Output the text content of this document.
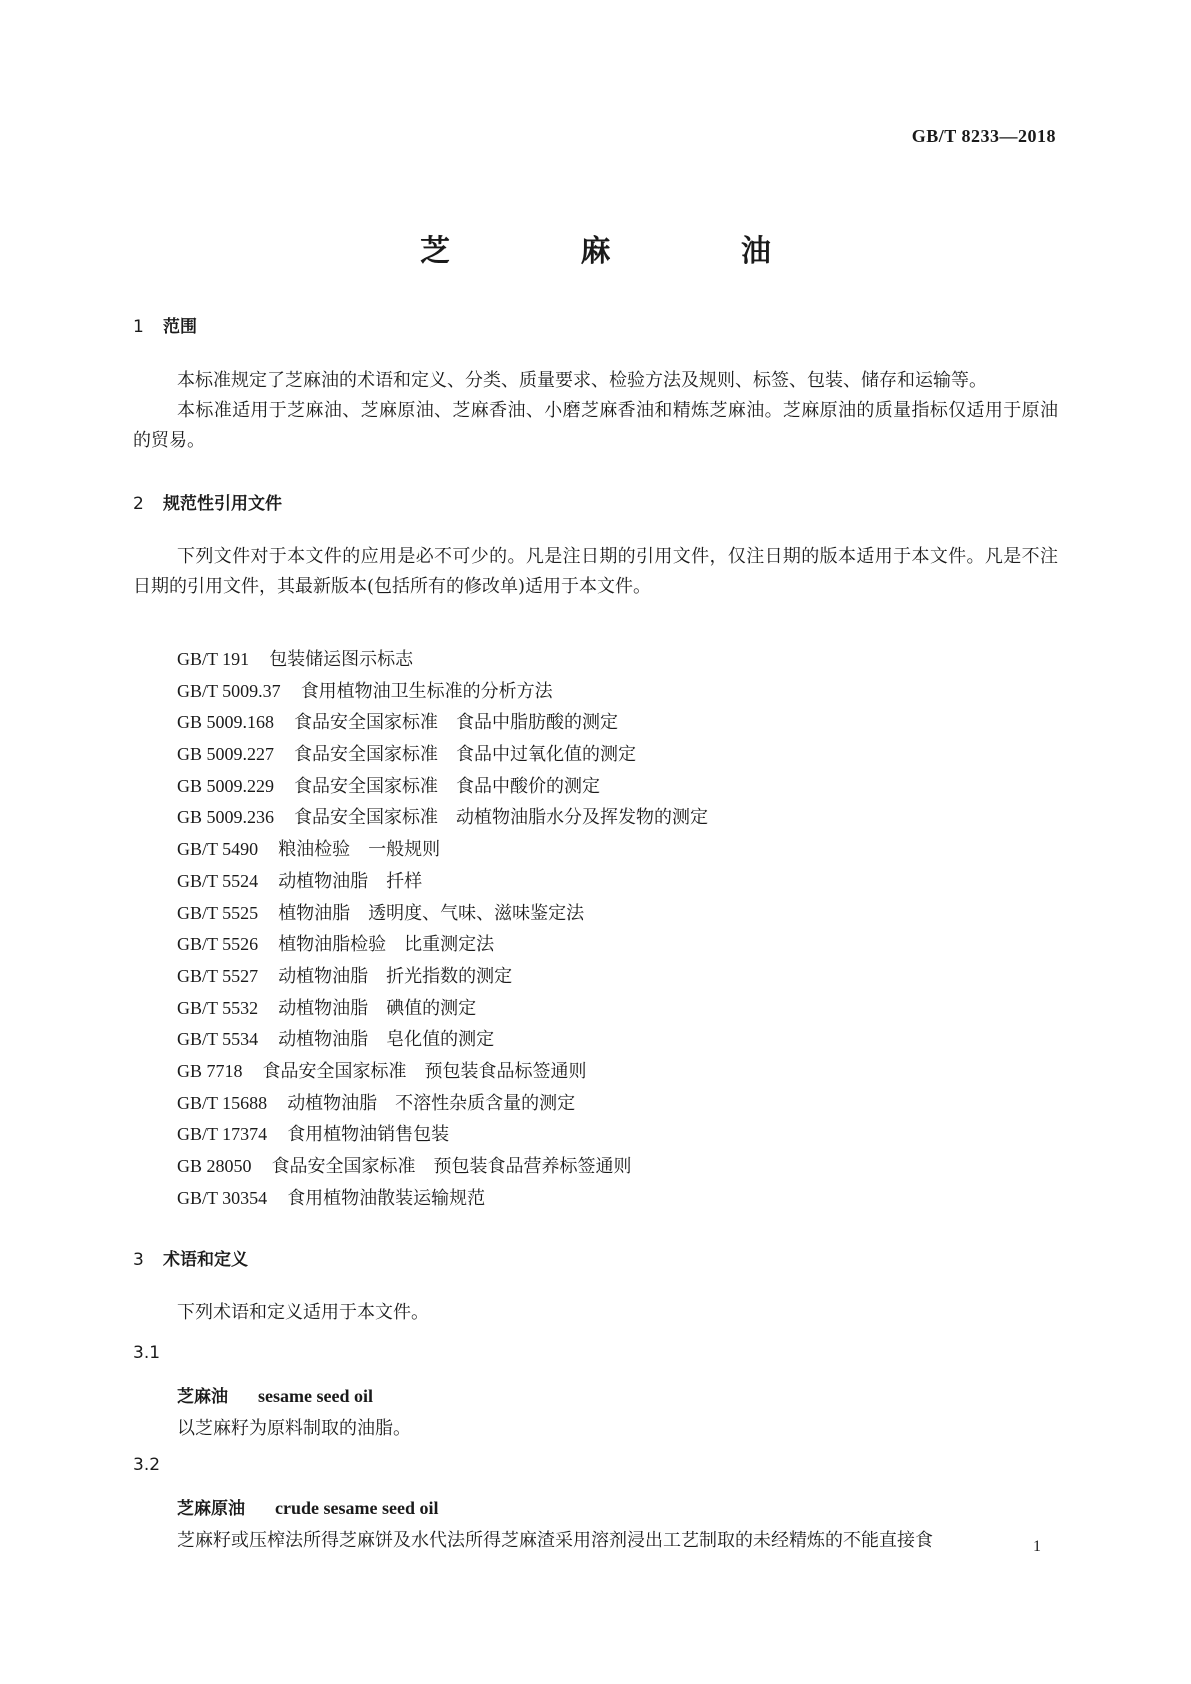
GB/T 8233—2018
芝 麻 油
1 范围
本标准规定了芝麻油的术语和定义、分类、质量要求、检验方法及规则、标签、包装、储存和运输等。
本标准适用于芝麻油、芝麻原油、芝麻香油、小磨芝麻香油和精炼芝麻油。芝麻原油的质量指标仅适用于原油的贸易。
2 规范性引用文件
下列文件对于本文件的应用是必不可少的。凡是注日期的引用文件，仅注日期的版本适用于本文件。凡是不注日期的引用文件，其最新版本(包括所有的修改单)适用于本文件。
GB/T 191 包装储运图示标志
GB/T 5009.37 食用植物油卫生标准的分析方法
GB 5009.168 食品安全国家标准　食品中脂肪酸的测定
GB 5009.227 食品安全国家标准　食品中过氧化值的测定
GB 5009.229 食品安全国家标准　食品中酸价的测定
GB 5009.236 食品安全国家标准　动植物油脂水分及挥发物的测定
GB/T 5490 粮油检验　一般规则
GB/T 5524 动植物油脂　扦样
GB/T 5525 植物油脂　透明度、气味、滋味鉴定法
GB/T 5526 植物油脂检验　比重测定法
GB/T 5527 动植物油脂　折光指数的测定
GB/T 5532 动植物油脂　碘值的测定
GB/T 5534 动植物油脂　皂化值的测定
GB 7718 食品安全国家标准　预包装食品标签通则
GB/T 15688 动植物油脂　不溶性杂质含量的测定
GB/T 17374 食用植物油销售包装
GB 28050 食品安全国家标准　预包装食品营养标签通则
GB/T 30354 食用植物油散装运输规范
3 术语和定义
下列术语和定义适用于本文件。
3.1
芝麻油 sesame seed oil
以芝麻籽为原料制取的油脂。
3.2
芝麻原油 crude sesame seed oil
芝麻籽或压榨法所得芝麻饼及水代法所得芝麻渣采用溶剂浸出工艺制取的未经精炼的不能直接食	1
